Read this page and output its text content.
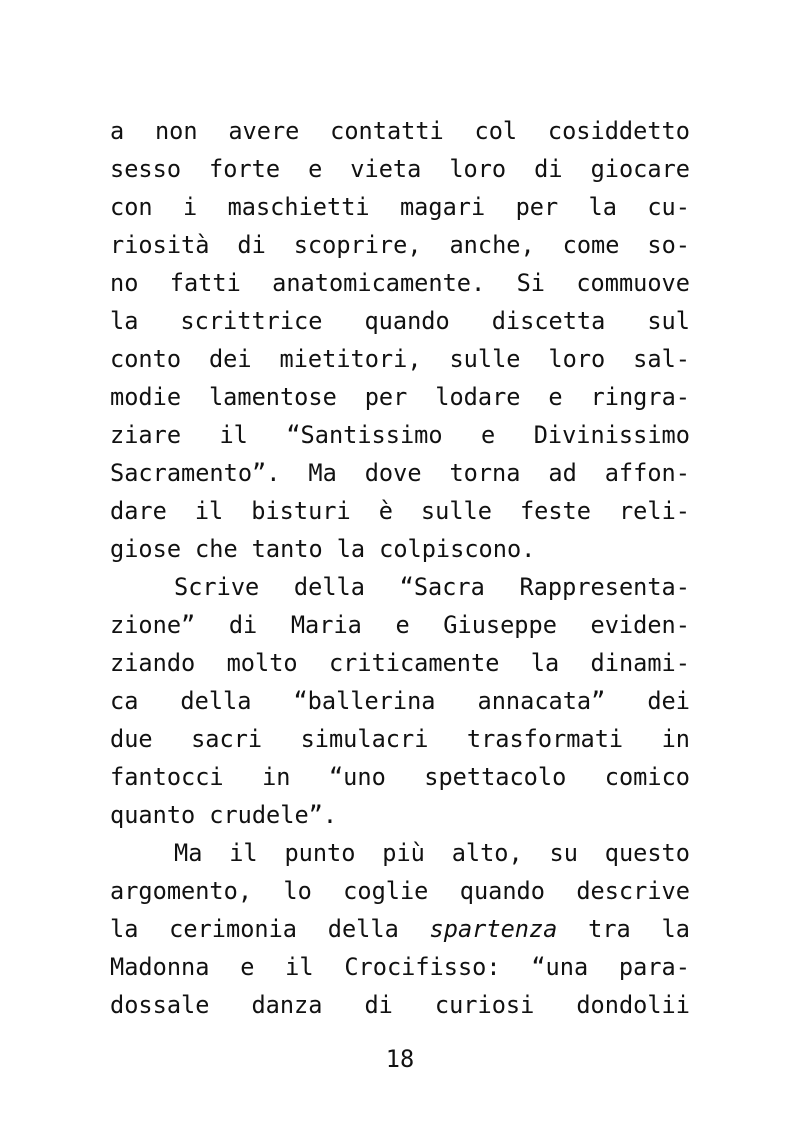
a non avere contatti col cosiddetto
sesso forte e vieta loro di giocare
con i maschietti magari per la cu-
riosità di scoprire, anche, come so-
no fatti anatomicamente. Si commuove
la scrittrice quando discetta sul
conto dei mietitori, sulle loro sal-
modie lamentose per lodare e ringra-
ziare il “Santissimo e Divinissimo
Sacramento”. Ma dove torna ad affon-
dare il bisturi è sulle feste reli-
giose che tanto la colpiscono.
Scrive della “Sacra Rappresenta-
zione” di Maria e Giuseppe eviden-
ziando molto criticamente la dinami-
ca della “ballerina annacata” dei
due sacri simulacri trasformati in
fantocci in “uno spettacolo comico
quanto crudele”.
Ma il punto più alto, su questo
argomento, lo coglie quando descrive
la cerimonia della spartenza tra la
Madonna e il Crocifisso: “una para-
dossale danza di curiosi dondolii
18
